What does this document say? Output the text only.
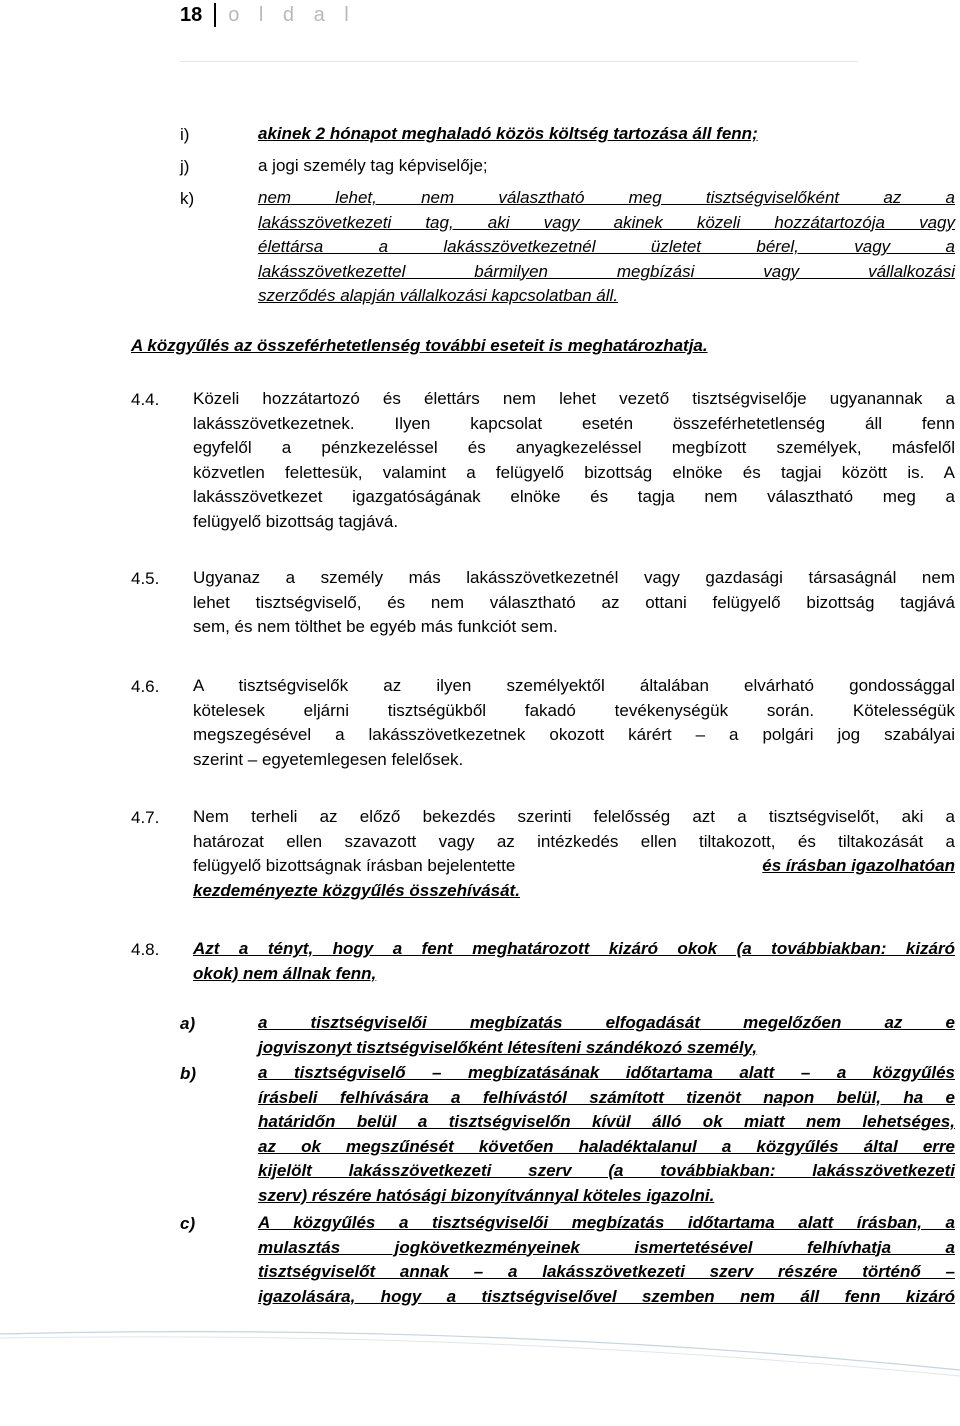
18 o l d a l
i)	akinek 2 hónapot meghaladó közös költség tartozása áll fenn;
j)	a jogi személy tag képviselője;
k)	nem lehet, nem választható meg tisztségviselőként az a
lakásszövetkezeti tag, aki vagy akinek közeli hozzátartozója vagy
élettársa a lakásszövetkezetnél üzletet bérel, vagy a
lakásszövetkezettel bármilyen megbízási vagy vállalkozási
szerződés alapján vállalkozási kapcsolatban áll.
A közgyűlés az összeférhetetlenség további eseteit is meghatározhatja.
4.4. Közeli hozzátartozó és élettárs nem lehet vezető tisztségviselője ugyanannak a
lakásszövetkezetnek. Ilyen kapcsolat esetén összeférhetetlenség áll fenn
egyfelől a pénzkezeléssel és anyagkezeléssel megbízott személyek, másfelől
közvetlen felettesük, valamint a felügyelő bizottság elnöke és tagjai között is. A
lakásszövetkezet igazgatóságának elnöke és tagja nem választható meg a
felügyelő bizottság tagjává.
4.5. Ugyanaz a személy más lakásszövetkezetnél vagy gazdasági társaságnál nem
lehet tisztségviselő, és nem választható az ottani felügyelő bizottság tagjává
sem, és nem tölthet be egyéb más funkciót sem.
4.6. A tisztségviselők az ilyen személyektől általában elvárható gondossággal
kötelesek eljárni tisztségükből fakadó tevékenységük során. Kötelességük
megszegésével a lakásszövetkezetnek okozott kárért – a polgári jog szabályai
szerint – egyetemlegesen felelősek.
4.7. Nem terheli az előző bekezdés szerinti felelősség azt a tisztségviselőt, aki a
határozat ellen szavazott vagy az intézkedés ellen tiltakozott, és tiltakozását a
felügyelő bizottságnak írásban bejelentette	és írásban igazolhatóan
kezdeményezte közgyűlés összehívását.
4.8. Azt a tényt, hogy a fent meghatározott kizáró okok (a továbbiakban: kizáró
okok) nem állnak fenn,
a)	a tisztségviselői megbízatás elfogadását megelőzően az e
jogviszonyt tisztségviselőként létesíteni szándékozó személy,
b)	a tisztségviselő – megbízatásának időtartama alatt – a közgyűlés
írásbeli felhívására a felhívástól számított tizenöt napon belül, ha e
határidőn belül a tisztségviselőn kívül álló ok miatt nem lehetséges,
az ok megszűnését követően haladéktalanul a közgyűlés által erre
kijelölt lakásszövetkezeti szerv (a továbbiakban: lakásszövetkezeti
szerv) részére hatósági bizonyítvánnyal köteles igazolni.
c)	A közgyűlés a tisztségviselői megbízatás időtartama alatt írásban, a
mulasztás jogkövetkezményeinek ismertetésével felhívhatja a
tisztségviselőt annak – a lakásszövetkezeti szerv részére történő –
igazolására, hogy a tisztségviselővel szemben nem áll fenn kizáró
